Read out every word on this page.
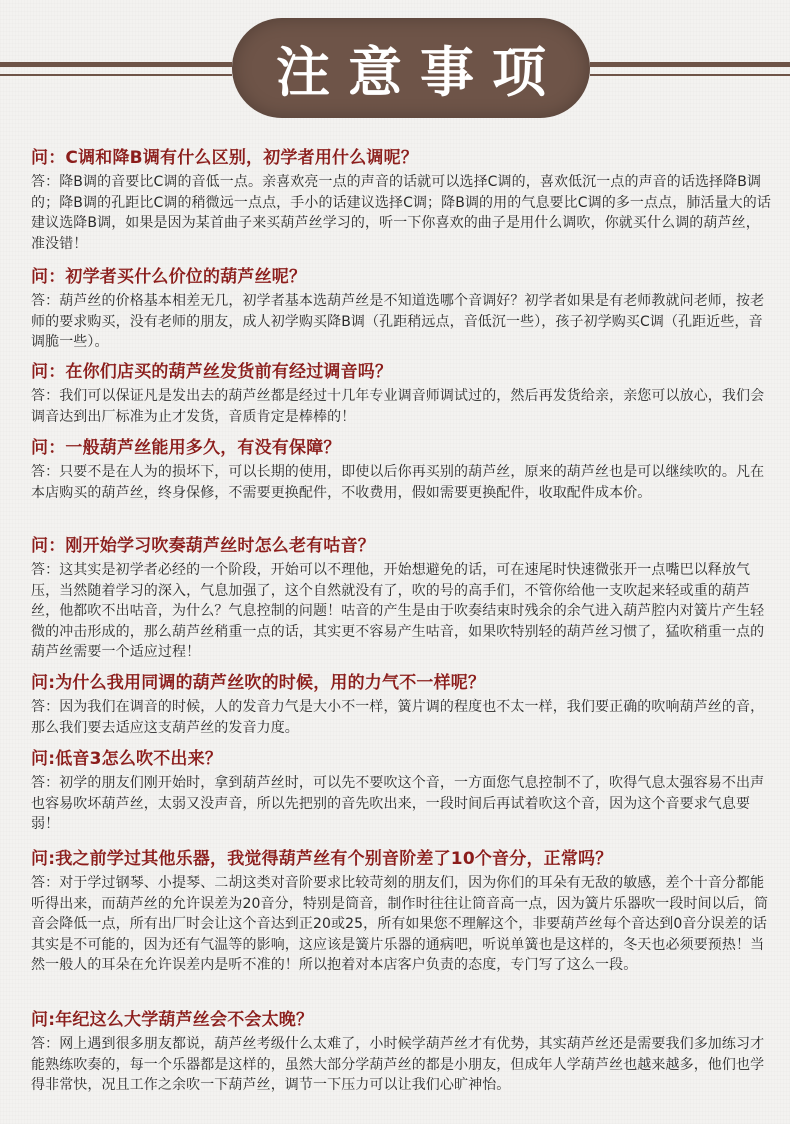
注意事项
问：C调和降B调有什么区别，初学者用什么调呢？
答：降B调的音要比C调的音低一点。亲喜欢亮一点的声音的话就可以选择C调的，喜欢低沉一点的声音的话选择降B调的；降B调的孔距比C调的稍微远一点点，手小的话建议选择C调；降B调的用的气息要比C调的多一点点，肺活量大的话建议选降B调，如果是因为某首曲子来买葫芦丝学习的，听一下你喜欢的曲子是用什么调吹，你就买什么调的葫芦丝，准没错！
问：初学者买什么价位的葫芦丝呢？
答：葫芦丝的价格基本相差无几，初学者基本选葫芦丝是不知道选哪个音调好？初学者如果是有老师教就问老师，按老师的要求购买，没有老师的朋友，成人初学购买降B调（孔距稍远点，音低沉一些），孩子初学购买C调（孔距近些，音调脆一些）。
问：在你们店买的葫芦丝发货前有经过调音吗？
答：我们可以保证凡是发出去的葫芦丝都是经过十几年专业调音师调试过的，然后再发货给亲，亲您可以放心，我们会调音达到出厂标准为止才发货，音质肯定是棒棒的！
问：一般葫芦丝能用多久，有没有保障？
答：只要不是在人为的损坏下，可以长期的使用，即使以后你再买别的葫芦丝，原来的葫芦丝也是可以继续吹的。凡在本店购买的葫芦丝，终身保修，不需要更换配件，不收费用，假如需要更换配件，收取配件成本价。
问：刚开始学习吹奏葫芦丝时怎么老有咕音？
答：这其实是初学者必经的一个阶段，开始可以不理他，开始想避免的话，可在速尾时快速微张开一点嘴巴以释放气压，当然随着学习的深入，气息加强了，这个自然就没有了，吹的号的高手们，不管你给他一支吹起来轻或重的葫芦丝，他都吹不出咕音，为什么？气息控制的问题！咕音的产生是由于吹奏结束时残余的余气进入葫芦腔内对簧片产生轻微的冲击形成的，那么葫芦丝稍重一点的话，其实更不容易产生咕音，如果吹特别轻的葫芦丝习惯了，猛吹稍重一点的葫芦丝需要一个适应过程！
问:为什么我用同调的葫芦丝吹的时候，用的力气不一样呢？
答：因为我们在调音的时候，人的发音力气是大小不一样，簧片调的程度也不太一样，我们要正确的吹响葫芦丝的音，那么我们要去适应这支葫芦丝的发音力度。
问:低音3怎么吹不出来？
答：初学的朋友们刚开始时，拿到葫芦丝时，可以先不要吹这个音，一方面您气息控制不了，吹得气息太强容易不出声也容易吹坏葫芦丝，太弱又没声音，所以先把别的音先吹出来，一段时间后再试着吹这个音，因为这个音要求气息要弱！
问:我之前学过其他乐器，我觉得葫芦丝有个别音阶差了10个音分，正常吗？
答：对于学过钢琴、小提琴、二胡这类对音阶要求比较苛刻的朋友们，因为你们的耳朵有无敌的敏感，差个十音分都能听得出来，而葫芦丝的允许误差为20音分，特别是筒音，制作时往往让筒音高一点，因为簧片乐器吹一段时间以后，筒音会降低一点，所有出厂时会让这个音达到正20或25，所有如果您不理解这个，非要葫芦丝每个音达到0音分误差的话其实是不可能的，因为还有气温等的影响，这应该是簧片乐器的通病吧，听说单簧也是这样的，冬天也必须要预热！当然一般人的耳朵在允许误差内是听不准的！所以抱着对本店客户负责的态度，专门写了这么一段。
问:年纪这么大学葫芦丝会不会太晚？
答：网上遇到很多朋友都说，葫芦丝考级什么太难了，小时候学葫芦丝才有优势，其实葫芦丝还是需要我们多加练习才能熟练吹奏的，每一个乐器都是这样的，虽然大部分学葫芦丝的都是小朋友，但成年人学葫芦丝也越来越多，他们也学得非常快，况且工作之余吹一下葫芦丝，调节一下压力可以让我们心旷神怡。
